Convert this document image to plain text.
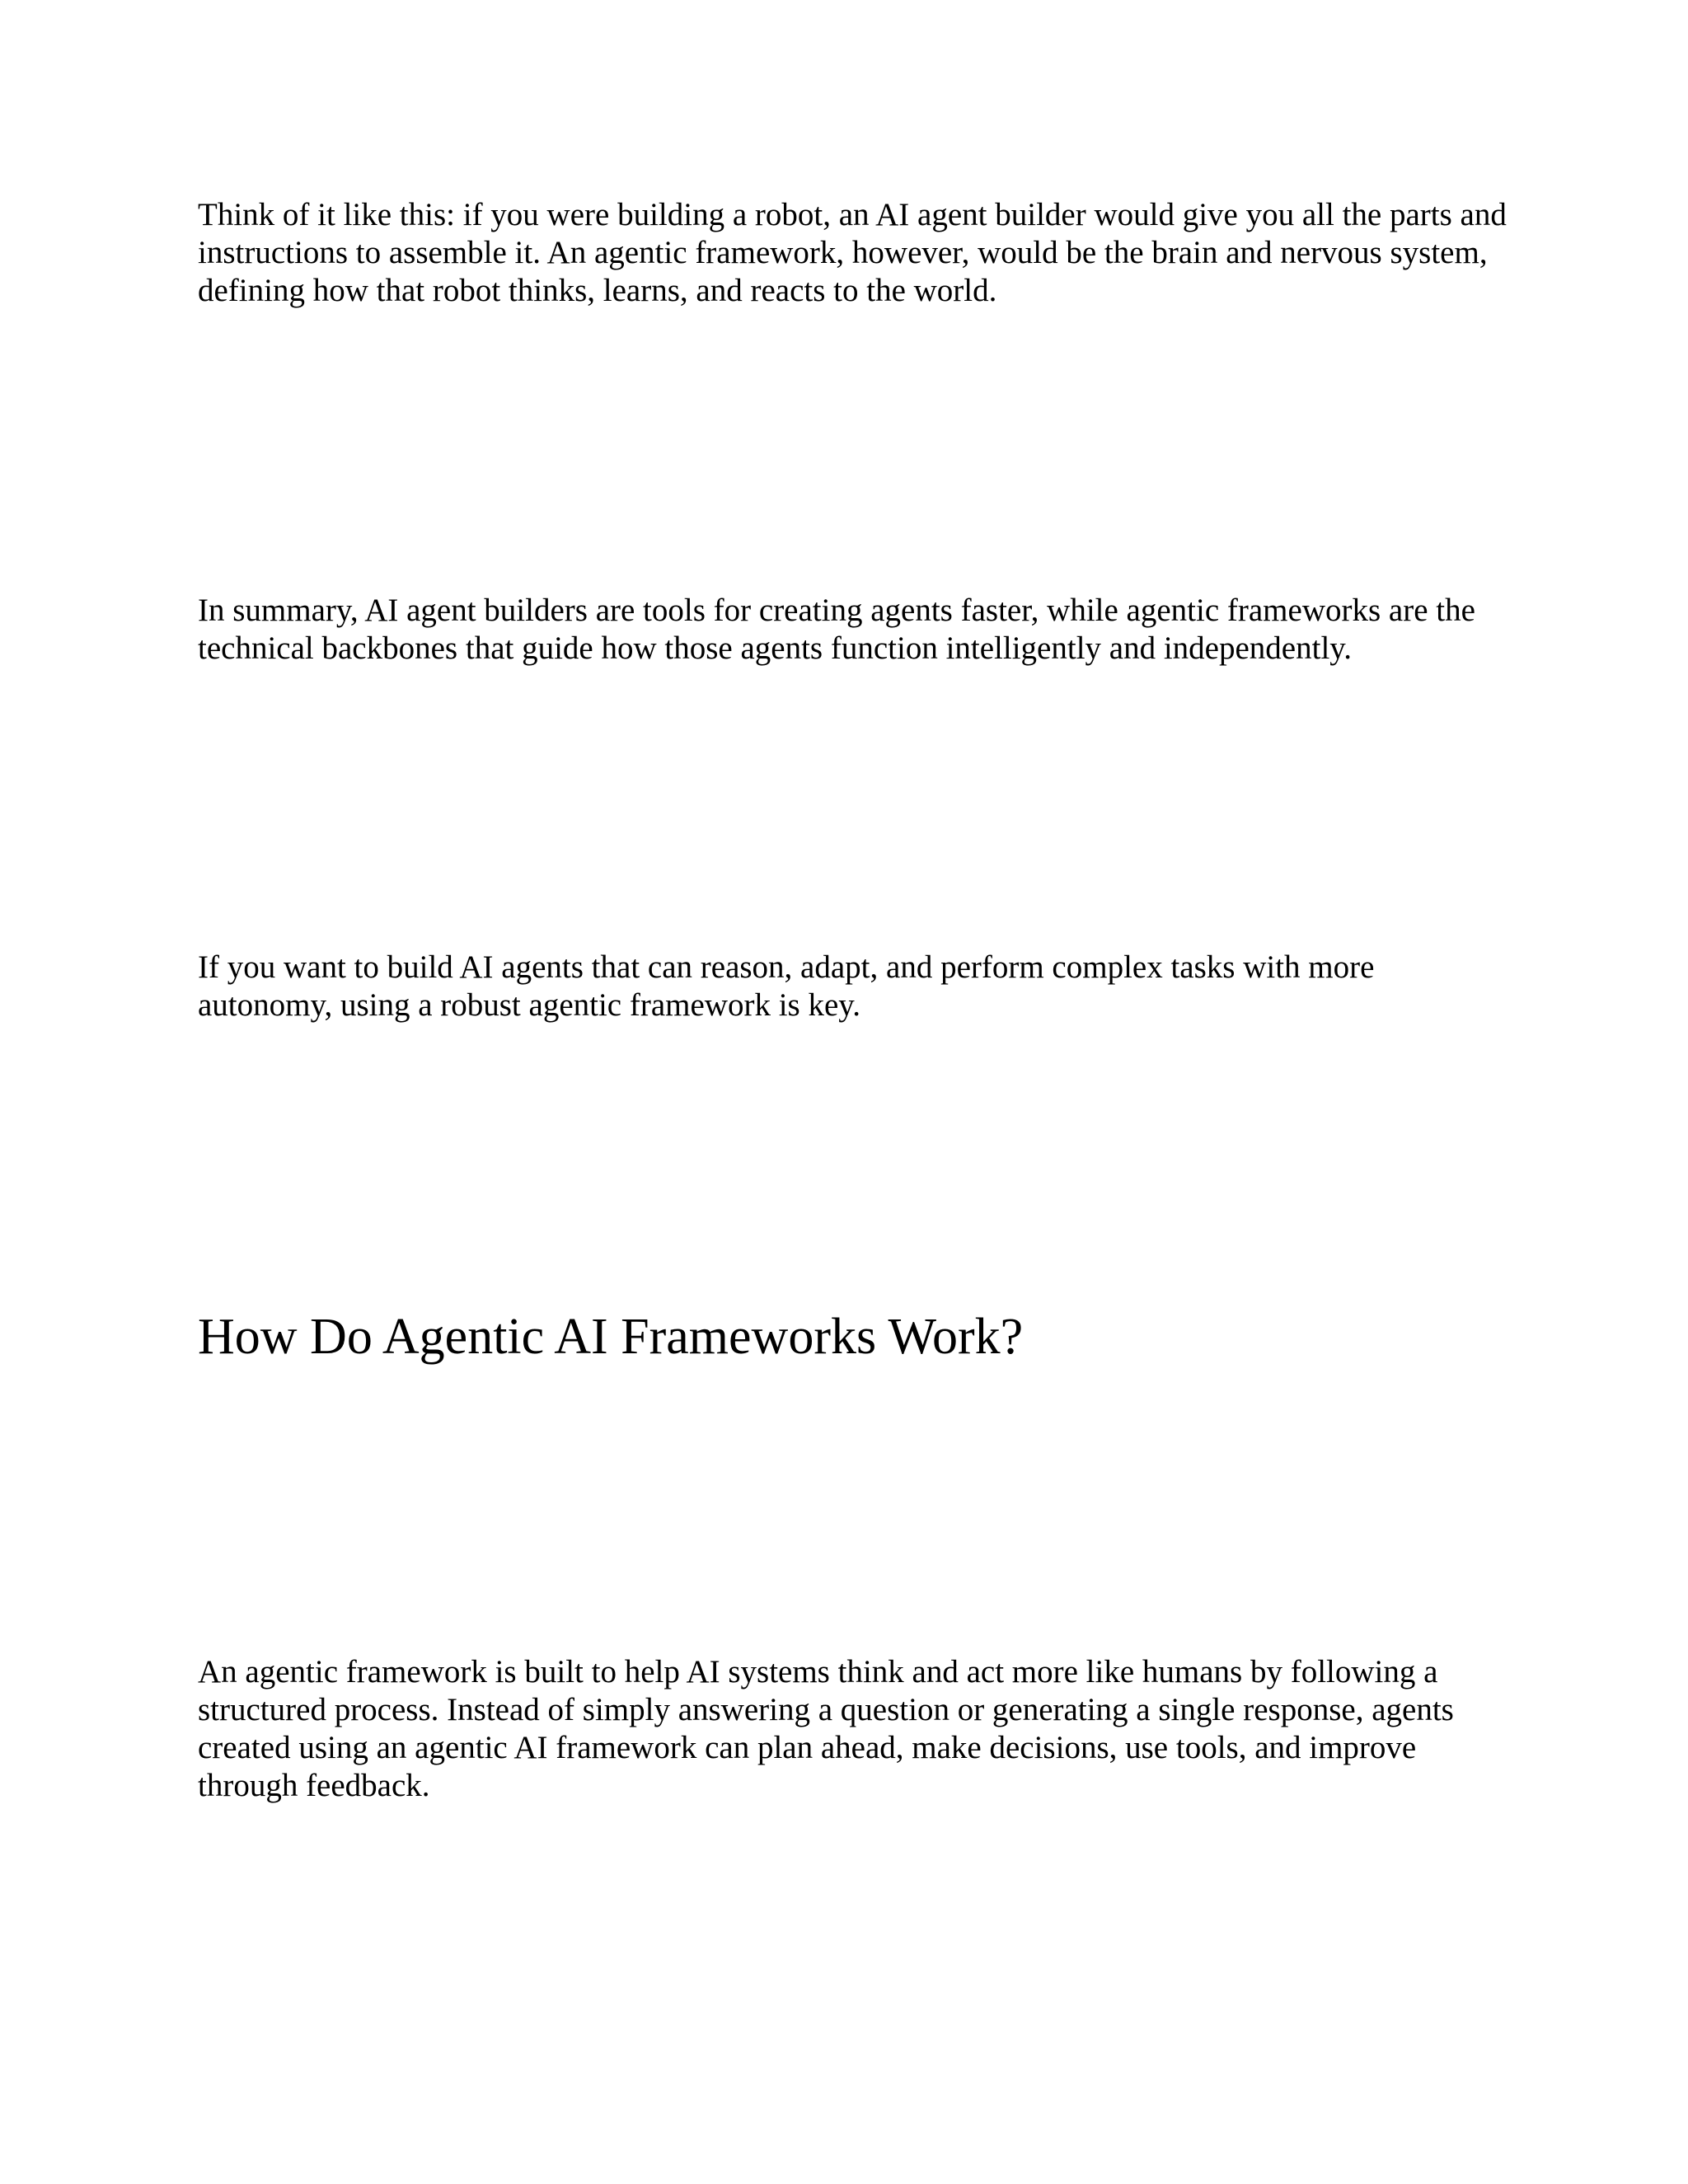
Think of it like this: if you were building a robot, an AI agent builder would give you all the parts and instructions to assemble it. An agentic framework, however, would be the brain and nervous system, defining how that robot thinks, learns, and reacts to the world.

In summary, AI agent builders are tools for creating agents faster, while agentic frameworks are the technical backbones that guide how those agents function intelligently and independently.

If you want to build AI agents that can reason, adapt, and perform complex tasks with more autonomy, using a robust agentic framework is key.

How Do Agentic AI Frameworks Work?

An agentic framework is built to help AI systems think and act more like humans by following a structured process. Instead of simply answering a question or generating a single response, agents created using an agentic AI framework can plan ahead, make decisions, use tools, and improve through feedback.
